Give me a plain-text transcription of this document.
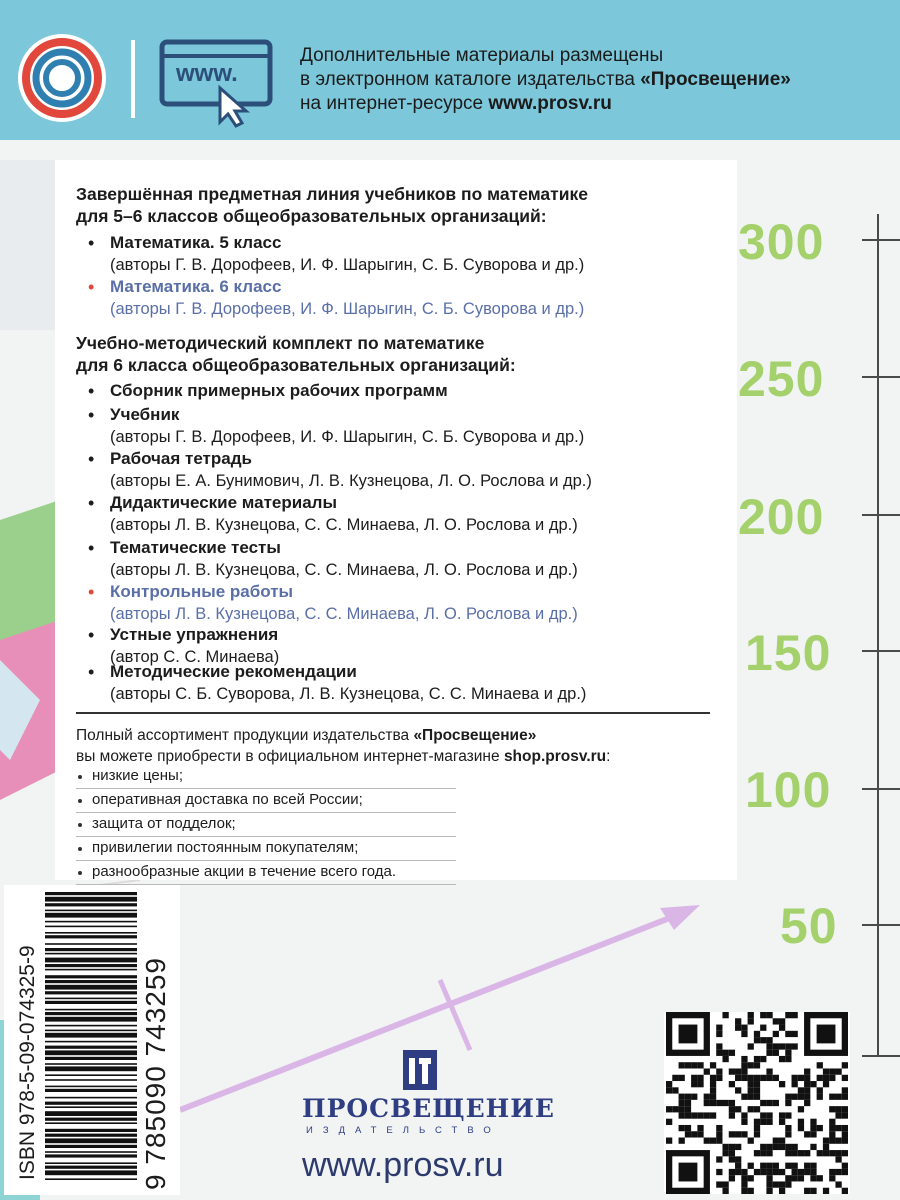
www.
Дополнительные материалы размещены
в электронном каталоге издательства «Просвещение»
на интернет-ресурсе www.prosv.ru
Завершённая предметная линия учебников по математике
для 5–6 классов общеобразовательных организаций:
• Математика. 5 класс
(авторы Г. В. Дорофеев, И. Ф. Шарыгин, С. Б. Суворова и др.)
• Математика. 6 класс
(авторы Г. В. Дорофеев, И. Ф. Шарыгин, С. Б. Суворова и др.)
Учебно-методический комплект по математике
для 6 класса общеобразовательных организаций:
• Сборник примерных рабочих программ
• Учебник
(авторы Г. В. Дорофеев, И. Ф. Шарыгин, С. Б. Суворова и др.)
• Рабочая тетрадь
(авторы Е. А. Бунимович, Л. В. Кузнецова, Л. О. Рослова и др.)
• Дидактические материалы
(авторы Л. В. Кузнецова, С. С. Минаева, Л. О. Рослова и др.)
• Тематические тесты
(авторы Л. В. Кузнецова, С. С. Минаева, Л. О. Рослова и др.)
• Контрольные работы
(авторы Л. В. Кузнецова, С. С. Минаева, Л. О. Рослова и др.)
• Устные упражнения
(автор С. С. Минаева)
• Методические рекомендации
(авторы С. Б. Суворова, Л. В. Кузнецова, С. С. Минаева и др.)
Полный ассортимент продукции издательства «Просвещение»
вы можете приобрести в официальном интернет-магазине shop.prosv.ru:
низкие цены;
оперативная доставка по всей России;
защита от подделок;
привилегии постоянным покупателям;
разнообразные акции в течение всего года.
300
250
200
150
100
50
ISBN 978-5-09-074325-9	9 785090 743259	ПРОСВЕЩЕНИЕ
ИЗДАТЕЛЬСТВО
www.prosv.ru
